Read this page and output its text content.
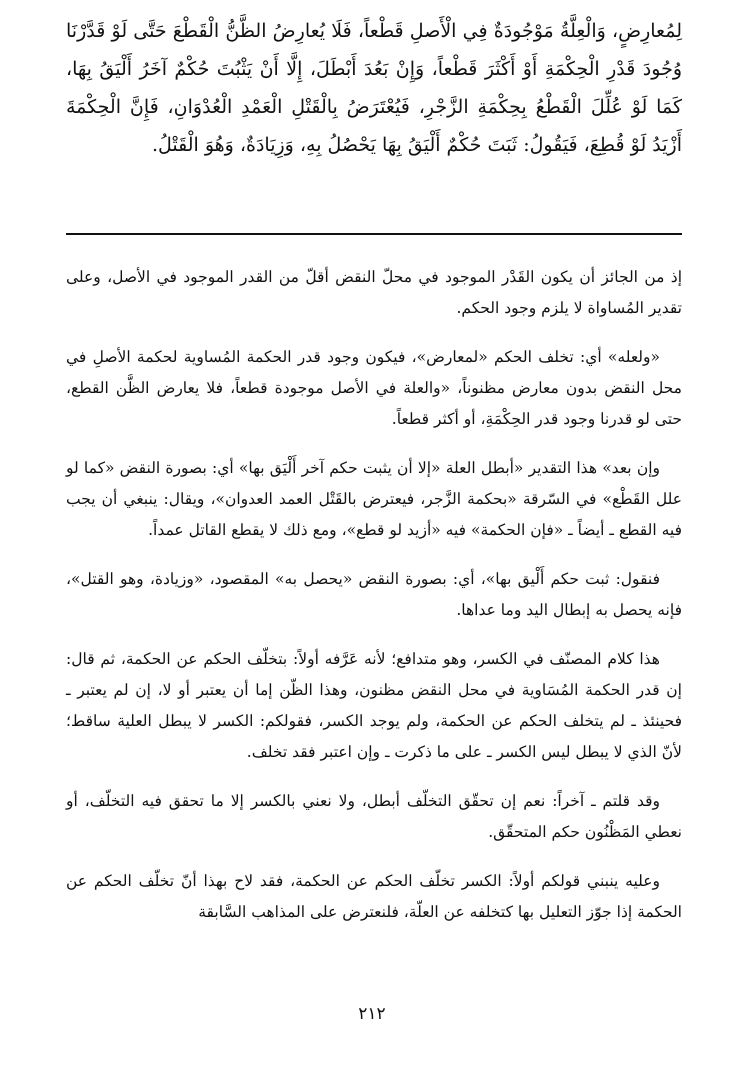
لِمُعارِضٍ، وَالْعِلَّةُ مَوْجُودَةٌ فِي الْأَصلِ قَطْعاً، فَلَا يُعارِضُ الظَّنُّ الْقَطْعَ حَتَّى لَوْ قَدَّرْنَا وُجُودَ قَدْرِ الْحِكْمَةِ أَوْ أَكْثَرَ قَطْعاً، وَإِنْ بَعُدَ أَبْطَلَ، إِلَّا أَنْ يَثْبُتَ حُكْمٌ آخَرُ أَلْيَقُ بِهَا، كَمَا لَوْ عُلِّلَ الْقَطْعُ بِحِكْمَةِ الزَّجْرِ، فَيُعْتَرَضُ بِالْقَتْلِ الْعَمْدِ الْعُدْوَانِ، فَإِنَّ الْحِكْمَةَ أَزْيَدُ لَوْ قُطِعَ، فَيَقُولُ: ثَبَتَ حُكْمٌ أَلْيَقُ بِهَا يَحْصُلُ بِهِ، وَزِيَادَةٌ، وَهُوَ الْقَتْلُ.

إذ من الجائز أن يكون القَدْر الموجود في محلّ النقض أقلّ من القدر الموجود في الأصل، وعلى تقدير المُساواة لا يلزم وجود الحكم.

«ولعله» أي: تخلف الحكم «لمعارض»، فيكون وجود قدر الحكمة المُساوية لحكمة الأصلِ في محل النقض بدون معارض مظنوناً، «والعلة في الأصل موجودة قطعاً، فلا يعارض الظَّن القطع، حتى لو قدرنا وجود قدر الحِكْمَةِ، أو أكثر قطعاً.

وإن بعد» هذا التقدير «أبطل العلة «إلا أن يثبت حكم آخر أَلْيَق بها» أي: بصورة النقض «كما لو علل القَطْع» في السّرقة «بحكمة الزَّجر، فيعترض بالقَتْل العمد العدوان»، ويقال: ينبغي أن يجب فيه القطع ـ أيضاً ـ «فإن الحكمة» فيه «أزيد لو قطع»، ومع ذلك لا يقطع القاتل عمداً.

فنقول: ثبت حكم أَلْيق بها»، أي: بصورة النقض «يحصل به» المقصود، «وزيادة، وهو القتل»، فإنه يحصل به إبطال اليد وما عداها.

هذا كلام المصنّف في الكسر، وهو متدافع؛ لأنه عَرَّفه أولاً: بتخلّف الحكم عن الحكمة، ثم قال: إن قدر الحكمة المُسَاوية في محل النقض مظنون، وهذا الظّن إما أن يعتبر أو لا، إن لم يعتبر ـ فحينئذ ـ لم يتخلف الحكم عن الحكمة، ولم يوجد الكسر، فقولكم: الكسر لا يبطل العلية ساقط؛ لأنّ الذي لا يبطل ليس الكسر ـ على ما ذكرت ـ وإن اعتبر فقد تخلف.

وقد قلتم ـ آخراً: نعم إن تحقّق التخلّف أبطل، ولا نعني بالكسر إلا ما تحقق فيه التخلّف، أو نعطي المَظْنُون حكم المتحقّق.

وعليه ينبني قولكم أولاً: الكسر تخلّف الحكم عن الحكمة، فقد لاح بهذا أنّ تخلّف الحكم عن الحكمة إذا جوّز التعليل بها كتخلفه عن العلّة، فلنعترض على المذاهب السَّابقة

٢١٢
